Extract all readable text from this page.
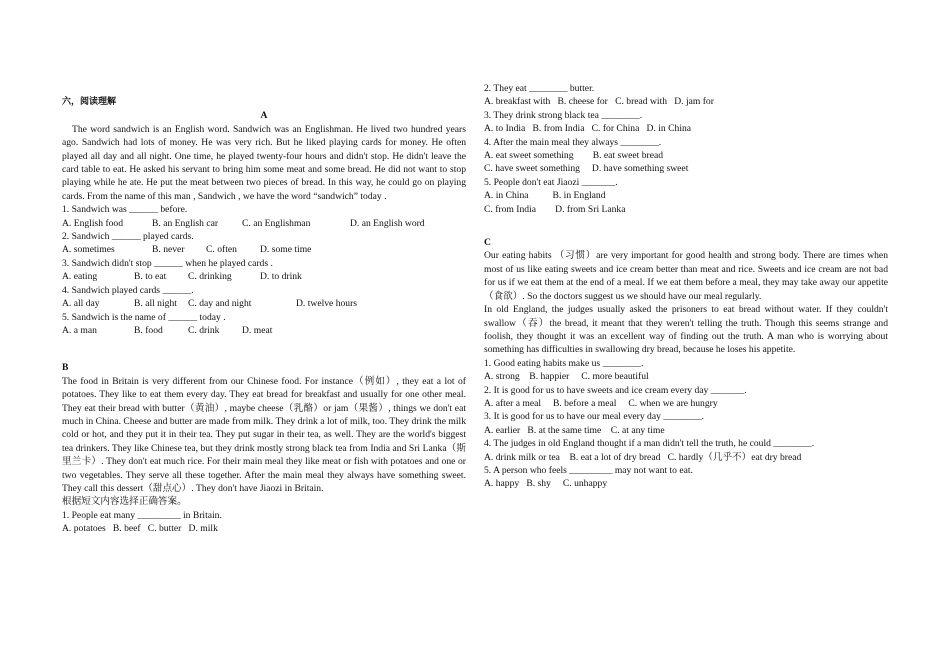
六，阅读理解
A
The word sandwich is an English word. Sandwich was an Englishman. He lived two hundred years ago. Sandwich had lots of money. He was very rich. But he liked playing cards for money. He often played all day and all night. One time, he played twenty-four hours and didn't stop. He didn't leave the card table to eat. He asked his servant to bring him some meat and some bread. He did not want to stop playing while he ate. He put the meat between two pieces of bread. In this way, he could go on playing cards. From the name of this man , Sandwich , we have the word “sandwich” today .
1. Sandwich was ______ before.
A. English food	B. an English car C. an Englishman	D. an English word
2. Sandwich ______ played cards.
A. sometimes	B. never C. often D. some time
3. Sandwich didn't stop ______ when he played cards .
A. eating	B. to eat C. drinking	D. to drink
4. Sandwich played cards ______.
A. all day	B. all night C. day and night	D. twelve hours
5. Sandwich is the name of ______ today .
A. a man	B. food	C. drink D. meat
B
The food in Britain is very different from our Chinese food. For instance（例如）, they eat a lot of potatoes. They like to eat them every day. They eat bread for breakfast and usually for one other meal. They eat their bread with butter（黄油）, maybe cheese（乳酪）or jam（果酱）, things we don't eat much in China. Cheese and butter are made from milk. They drink a lot of milk, too. They drink the milk cold or hot, and they put it in their tea. They put sugar in their tea, as well. They are the world's biggest tea drinkers. They like Chinese tea, but they drink mostly strong black tea from India and Sri Lanka（斯里兰卡）. They don't eat much rice. For their main meal they like meat or fish with potatoes and one or two vegetables. They serve all these together. After the main meal they always have something sweet. They call this dessert（甜点心）. They don't have Jiaozi in Britain.
根据短文内容选择正确答案。
1. People eat many _________ in Britain.
A. potatoes   B. beef   C. butter   D. milk
2. They eat ________ butter.
A. breakfast with   B. cheese for   C. bread with   D. jam for
3. They drink strong black tea ________.
A. to India   B. from India   C. for China   D. in China
4. After the main meal they always ________.
A. eat sweet something        B. eat sweet bread
C. have sweet something     D. have something sweet
5. People don't eat Jiaozi _______.
A. in China          B. in England
C. from India        D. from Sri Lanka
C
Our eating habits （习惯）are very important for good health and strong body. There are times when most of us like eating sweets and ice cream better than meat and rice. Sweets and ice cream are not bad for us if we eat them at the end of a meal. If we eat them before a meal, they may take away our appetite（食欲）. So the doctors suggest us we should have our meal regularly.
In old England, the judges usually asked the prisoners to eat bread without water. If they couldn't swallow（吞）the bread, it meant that they weren't telling the truth. Though this seems strange and foolish, they thought it was an excellent way of finding out the truth. A man who is worrying about something has difficulties in swallowing dry bread, because he loses his appetite.
1. Good eating habits make us ________.
A. strong    B. happier     C. more beautiful
2. It is good for us to have sweets and ice cream every day _______.
A. after a meal     B. before a meal     C. when we are hungry
3. It is good for us to have our meal every day ________.
A. earlier   B. at the same time    C. at any time
4. The judges in old England thought if a man didn't tell the truth, he could ________.
A. drink milk or tea    B. eat a lot of dry bread   C. hardly（几乎不）eat dry bread
5. A person who feels _________ may not want to eat.
A. happy   B. shy     C. unhappy
